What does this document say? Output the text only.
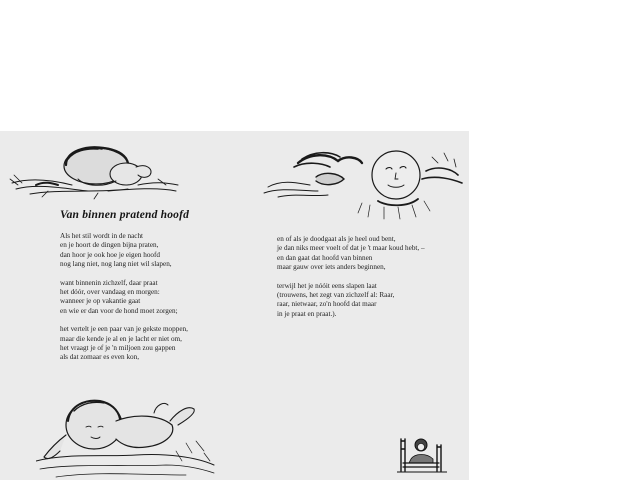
Van binnen pratend hoofd

Als het stil wordt in de nacht
en je hoort de dingen bijna praten,
dan hoor je ook hoe je eigen hoofd
nog lang niet, nog lang niet wil slapen,

want binnenin zichzelf, daar praat
het dóór, over vandaag en morgen:
wanneer je op vakantie gaat
en wie er dan voor de hond moet zorgen;

het vertelt je een paar van je gekste moppen,
maar die kende je al en je lacht er niet om,
het vraagt je of je 'n miljoen zou gappen
als dat zomaar es even kon,

en of als je doodgaat als je heel oud bent,
je dan niks meer voelt of dat je 't maar koud hebt, –
en dan gaat dat hoofd van binnen
maar gauw over iets anders beginnen,

terwijl het je nóóit eens slapen laat
(trouwens, het zegt van zichzelf al: Raar,
raar, nietwaar, zo'n hoofd dat maar
in je praat en praat.).
